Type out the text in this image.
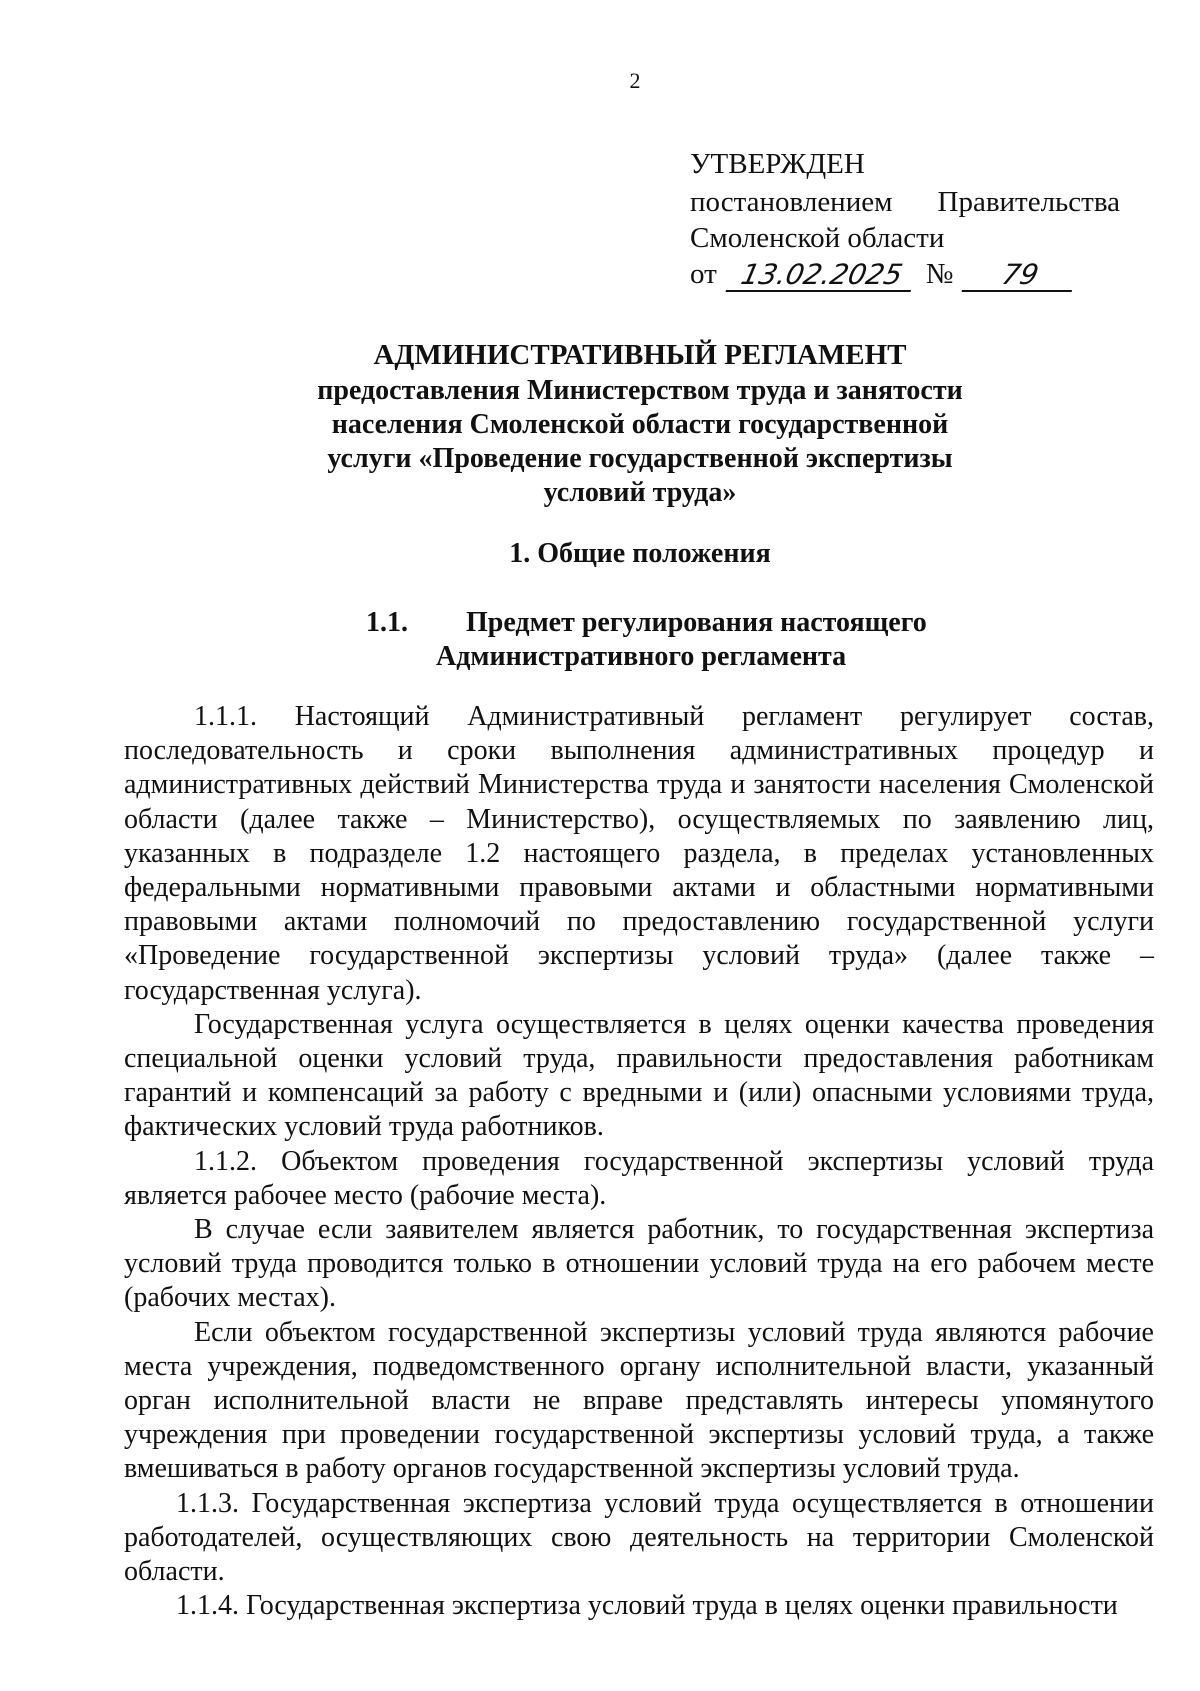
2
УТВЕРЖДЕН
постановлением Правительства
Смоленской области
от 13.02.2025 №	79
АДМИНИСТРАТИВНЫЙ РЕГЛАМЕНТ
предоставления Министерством труда и занятости
населения Смоленской области государственной
услуги «Проведение государственной экспертизы
условий труда»
1. Общие положения
1.1.	Предмет регулирования настоящего
Административного регламента

1.1.1. Настоящий Административный регламент регулирует состав, последовательность и сроки выполнения административных процедур и административных действий Министерства труда и занятости населения Смоленской области (далее также – Министерство), осуществляемых по заявлению лиц, указанных в подразделе 1.2 настоящего раздела, в пределах установленных федеральными нормативными правовыми актами и областными нормативными правовыми актами полномочий по предоставлению государственной услуги «Проведение государственной экспертизы условий труда» (далее также – государственная услуга).

Государственная услуга осуществляется в целях оценки качества проведения специальной оценки условий труда, правильности предоставления работникам гарантий и компенсаций за работу с вредными и (или) опасными условиями труда, фактических условий труда работников.

1.1.2. Объектом проведения государственной экспертизы условий труда является рабочее место (рабочие места).

В случае если заявителем является работник, то государственная экспертиза условий труда проводится только в отношении условий труда на его рабочем месте (рабочих местах).

Если объектом государственной экспертизы условий труда являются рабочие места учреждения, подведомственного органу исполнительной власти, указанный орган исполнительной власти не вправе представлять интересы упомянутого учреждения при проведении государственной экспертизы условий труда, а также вмешиваться в работу органов государственной экспертизы условий труда.

1.1.3. Государственная экспертиза условий труда осуществляется в отношении работодателей, осуществляющих свою деятельность на территории Смоленской области.

1.1.4. Государственная экспертиза условий труда в целях оценки правильности
